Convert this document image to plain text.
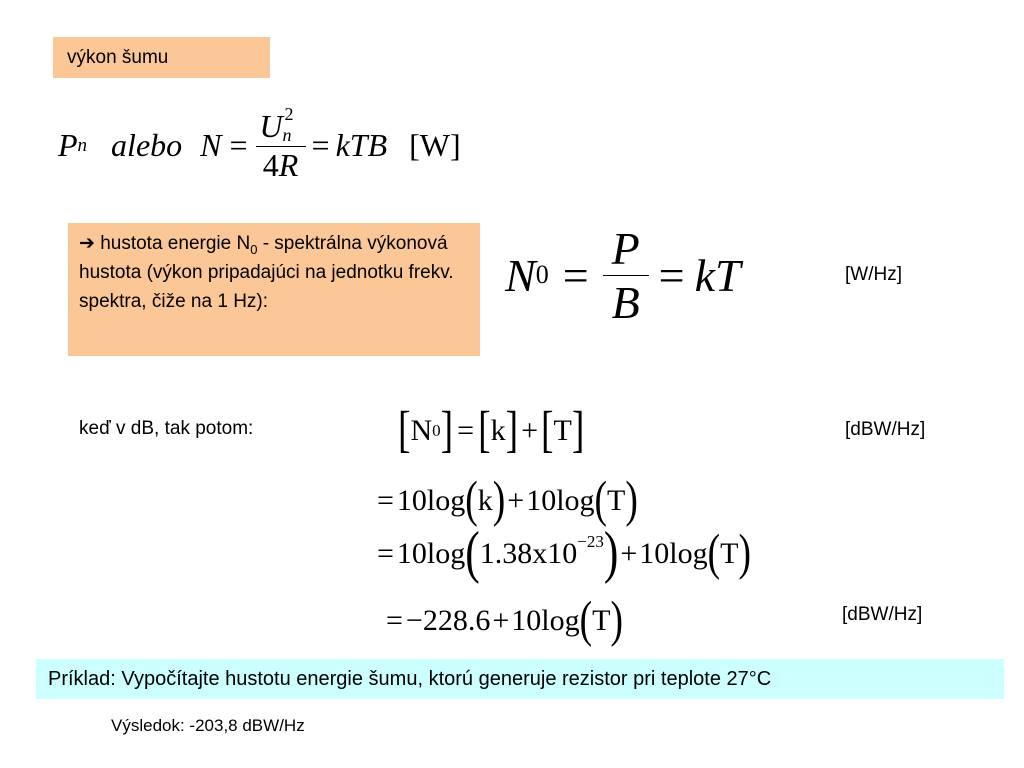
výkon šumu
P n alebo N = U 2
n
4R = kTB [W]
➔ hustota energie $N_0$ - spektrálna výkonová hustota (výkon pripadajúci na jednotku frekv. spektra, čiže na 1 Hz):
N $0 = \frac{P}{B}$ = kT	[W/Hz]
keď v dB, tak potom:	[ N 0 ] = [ k ] + [ T ]	[dBW/Hz]
= 10log ( k ) + 10log ( T )
= 10log ( $1.38x10^{-23}$ ) + 10log ( T )
= −228.6 + 10log ( T )	[dBW/Hz]
Príklad: Vypočítajte hustotu energie šumu, ktorú generuje rezistor pri teplote 27°C
Výsledok: -203,8 dBW/Hz
